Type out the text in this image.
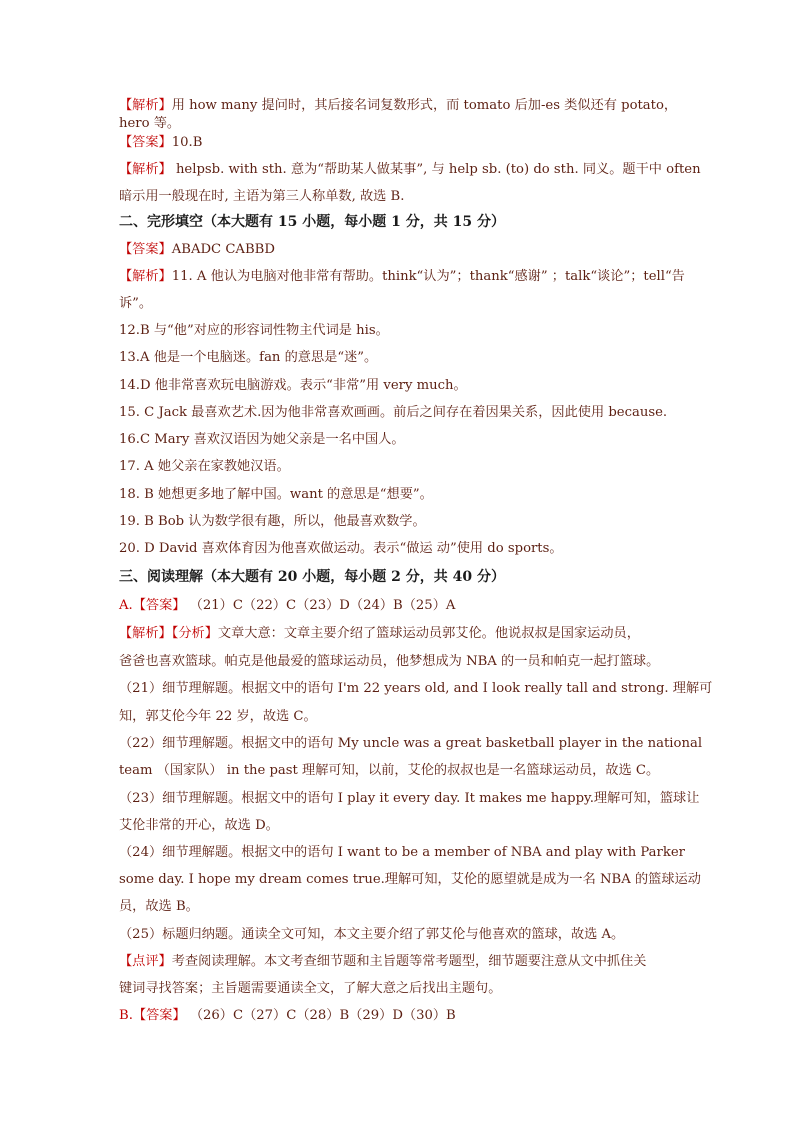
【解析】用 how many 提问时，其后接名词复数形式，而 tomato 后加-es 类似还有 potato，
hero 等。
【答案】10.B
【解析】 helpsb. with sth. 意为“帮助某人做某事”, 与 help sb. (to) do sth. 同义。题干中 often
暗示用一般现在时, 主语为第三人称单数, 故选 B.
二、完形填空（本大题有 15 小题，每小题 1 分，共 15 分）
【答案】ABADC CABBD
【解析】11. A 他认为电脑对他非常有帮助。think“认为”；thank“感谢” ；talk“谈论”；tell“告
诉”。
12.B 与“他”对应的形容词性物主代词是 his。
13.A 他是一个电脑迷。fan 的意思是“迷”。
14.D 他非常喜欢玩电脑游戏。表示“非常”用 very much。
15. C Jack 最喜欢艺术.因为他非常喜欢画画。前后之间存在着因果关系，因此使用 because.
16.C Mary 喜欢汉语因为她父亲是一名中国人。
17. A 她父亲在家教她汉语。
18. B 她想更多地了解中国。want 的意思是“想要”。
19. B Bob 认为数学很有趣，所以，他最喜欢数学。
20. D David 喜欢体育因为他喜欢做运动。表示“做运 动”使用 do sports。
三、阅读理解（本大题有 20 小题，每小题 2 分，共 40 分）
A.【答案】 （21）C（22）C（23）D（24）B（25）A
【解析】【分析】文章大意：文章主要介绍了篮球运动员郭艾伦。他说叔叔是国家运动员，
爸爸也喜欢篮球。帕克是他最爱的篮球运动员，他梦想成为 NBA 的一员和帕克一起打篮球。
（21）细节理解题。根据文中的语句 I'm 22 years old, and I look really tall and strong. 理解可
知，郭艾伦今年 22 岁，故选 C。
（22）细节理解题。根据文中的语句 My uncle was a great basketball player in the national
team （国家队） in the past 理解可知，以前，艾伦的叔叔也是一名篮球运动员，故选 C。
（23）细节理解题。根据文中的语句 I play it every day. It makes me happy.理解可知，篮球让
艾伦非常的开心，故选 D。
（24）细节理解题。根据文中的语句 I want to be a member of NBA and play with Parker
some day. I hope my dream comes true.理解可知，艾伦的愿望就是成为一名 NBA 的篮球运动
员，故选 B。
（25）标题归纳题。通读全文可知，本文主要介绍了郭艾伦与他喜欢的篮球，故选 A。
【点评】考查阅读理解。本文考查细节题和主旨题等常考题型，细节题要注意从文中抓住关
键词寻找答案；主旨题需要通读全文，了解大意之后找出主题句。
B.【答案】 （26）C（27）C（28）B（29）D（30）B
